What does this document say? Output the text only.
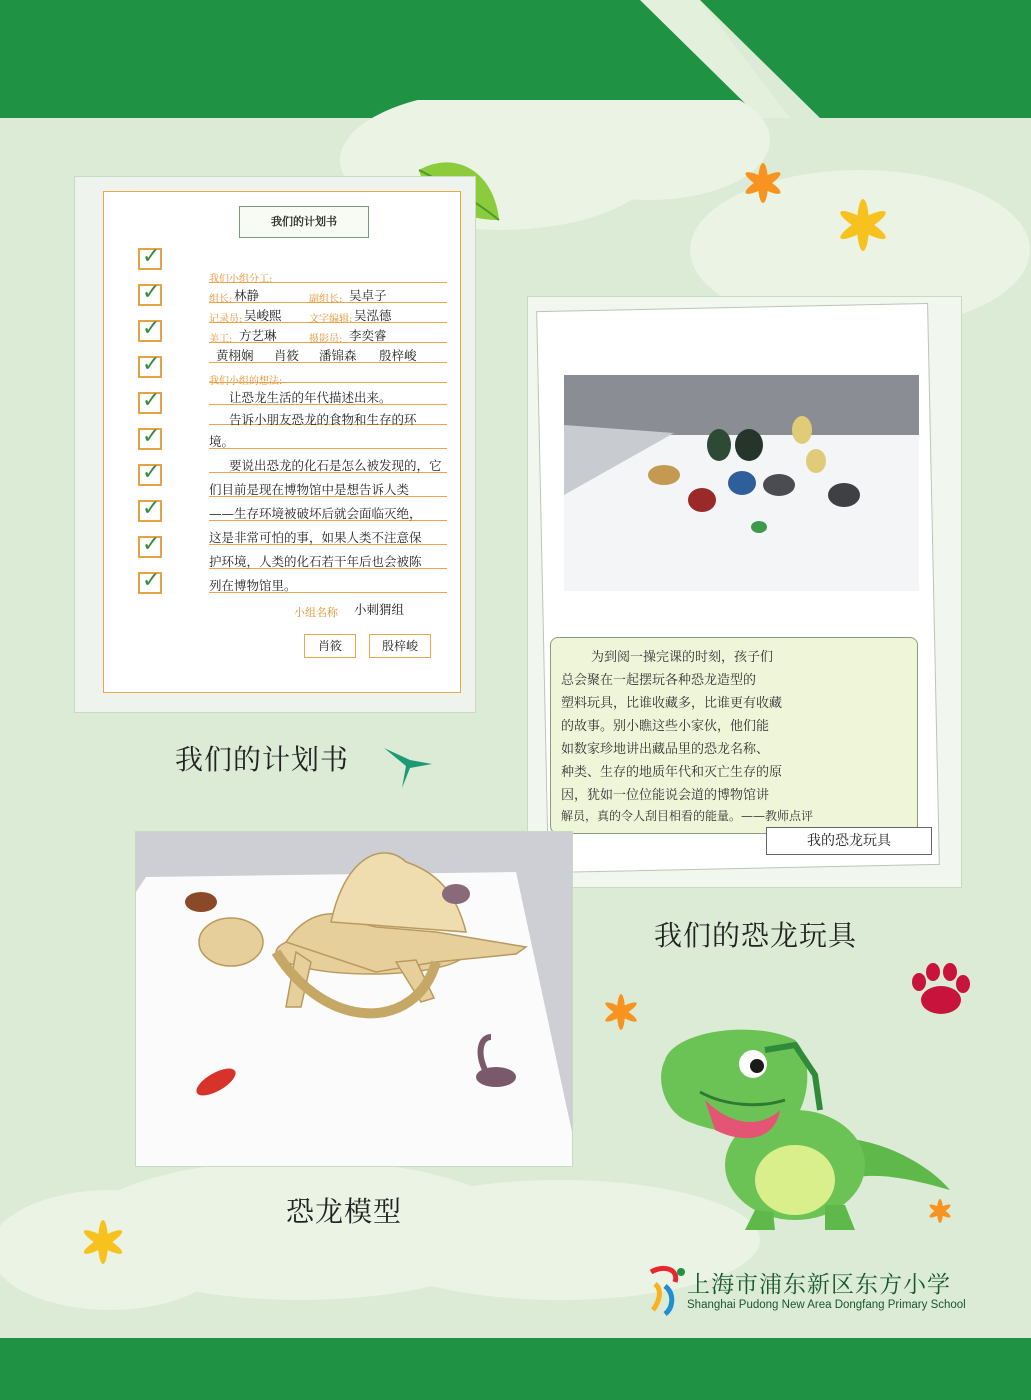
我们的计划书
✓
✓
✓
✓
✓
✓
✓
✓
✓
✓
我们小组分工:
组长: 林静	副组长: 吴卓子
记录员: 吴峻熙	文字编辑: 吴泓德
美工: 方艺琳	摄影员: 李奕睿
黄栩娴 肖筱 潘锦森 殷梓峻
我们小组的想法:
让恐龙生活的年代描述出来。
告诉小朋友恐龙的食物和生存的环
境。
要说出恐龙的化石是怎么被发现的，它
们目前是现在博物馆中是想告诉人类
——生存环境被破坏后就会面临灭绝，
这是非常可怕的事，如果人类不注意保
护环境，人类的化石若干年后也会被陈
列在博物馆里。
小组名称 小刺猬组
肖筱	殷梓峻
我们的计划书
为到阅一操完课的时刻，孩子们
总会聚在一起摆玩各种恐龙造型的
塑料玩具，比谁收藏多，比谁更有收藏
的故事。别小瞧这些小家伙，他们能
如数家珍地讲出藏品里的恐龙名称、
种类、生存的地质年代和灭亡生存的原
因，犹如一位位能说会道的博物馆讲
解员，真的令人刮目相看的能量。——教师点评
我的恐龙玩具
我们的恐龙玩具
恐龙模型
上海市浦东新区东方小学
Shanghai Pudong New Area Dongfang Primary School
